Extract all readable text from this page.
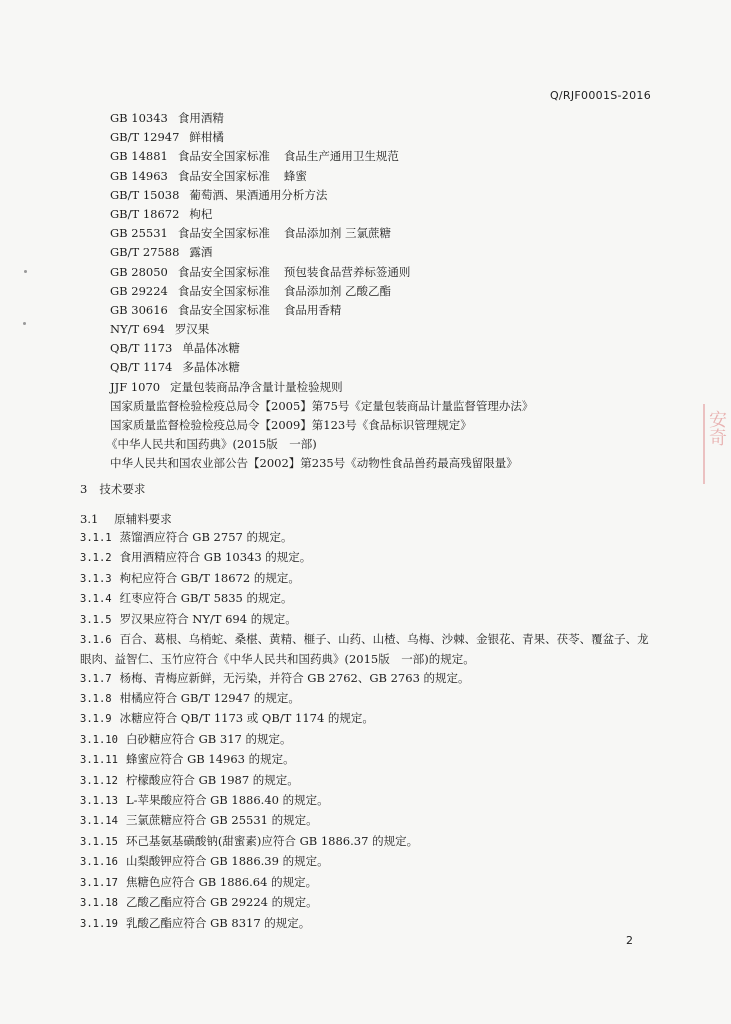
Q/RJF0001S-2016
GB 10343 食用酒精
GB/T 12947 鲜柑橘
GB 14881 食品安全国家标准 食品生产通用卫生规范
GB 14963 食品安全国家标准 蜂蜜
GB/T 15038 葡萄酒、果酒通用分析方法
GB/T 18672 枸杞
GB 25531 食品安全国家标准 食品添加剂 三氯蔗糖
GB/T 27588 露酒
GB 28050 食品安全国家标准 预包装食品营养标签通则
GB 29224 食品安全国家标准 食品添加剂 乙酸乙酯
GB 30616 食品安全国家标准 食品用香精
NY/T 694 罗汉果
QB/T 1173 单晶体冰糖
QB/T 1174 多晶体冰糖
JJF 1070 定量包装商品净含量计量检验规则
国家质量监督检验检疫总局令【2005】第75号《定量包装商品计量监督管理办法》
国家质量监督检验检疫总局令【2009】第123号《食品标识管理规定》
《中华人民共和国药典》(2015版　一部)
中华人民共和国农业部公告【2002】第235号《动物性食品兽药最高残留限量》
3 技术要求
3.1 原辅料要求
3.1.1 蒸馏酒应符合 GB 2757 的规定。
3.1.2 食用酒精应符合 GB 10343 的规定。
3.1.3 枸杞应符合 GB/T 18672 的规定。
3.1.4 红枣应符合 GB/T 5835 的规定。
3.1.5 罗汉果应符合 NY/T 694 的规定。
3.1.6 百合、葛根、乌梢蛇、桑椹、黄精、榧子、山药、山楂、乌梅、沙棘、金银花、青果、茯苓、覆盆子、龙眼肉、益智仁、玉竹应符合《中华人民共和国药典》(2015版　一部)的规定。
3.1.7 杨梅、青梅应新鲜，无污染，并符合 GB 2762、GB 2763 的规定。
3.1.8 柑橘应符合 GB/T 12947 的规定。
3.1.9 冰糖应符合 QB/T 1173 或 QB/T 1174 的规定。
3.1.10 白砂糖应符合 GB 317 的规定。
3.1.11 蜂蜜应符合 GB 14963 的规定。
3.1.12 柠檬酸应符合 GB 1987 的规定。
3.1.13 L-苹果酸应符合 GB 1886.40 的规定。
3.1.14 三氯蔗糖应符合 GB 25531 的规定。
3.1.15 环己基氨基磺酸钠(甜蜜素)应符合 GB 1886.37 的规定。
3.1.16 山梨酸钾应符合 GB 1886.39 的规定。
3.1.17 焦糖色应符合 GB 1886.64 的规定。
3.1.18 乙酸乙酯应符合 GB 29224 的规定。
3.1.19 乳酸乙酯应符合 GB 8317 的规定。
2
安奇
